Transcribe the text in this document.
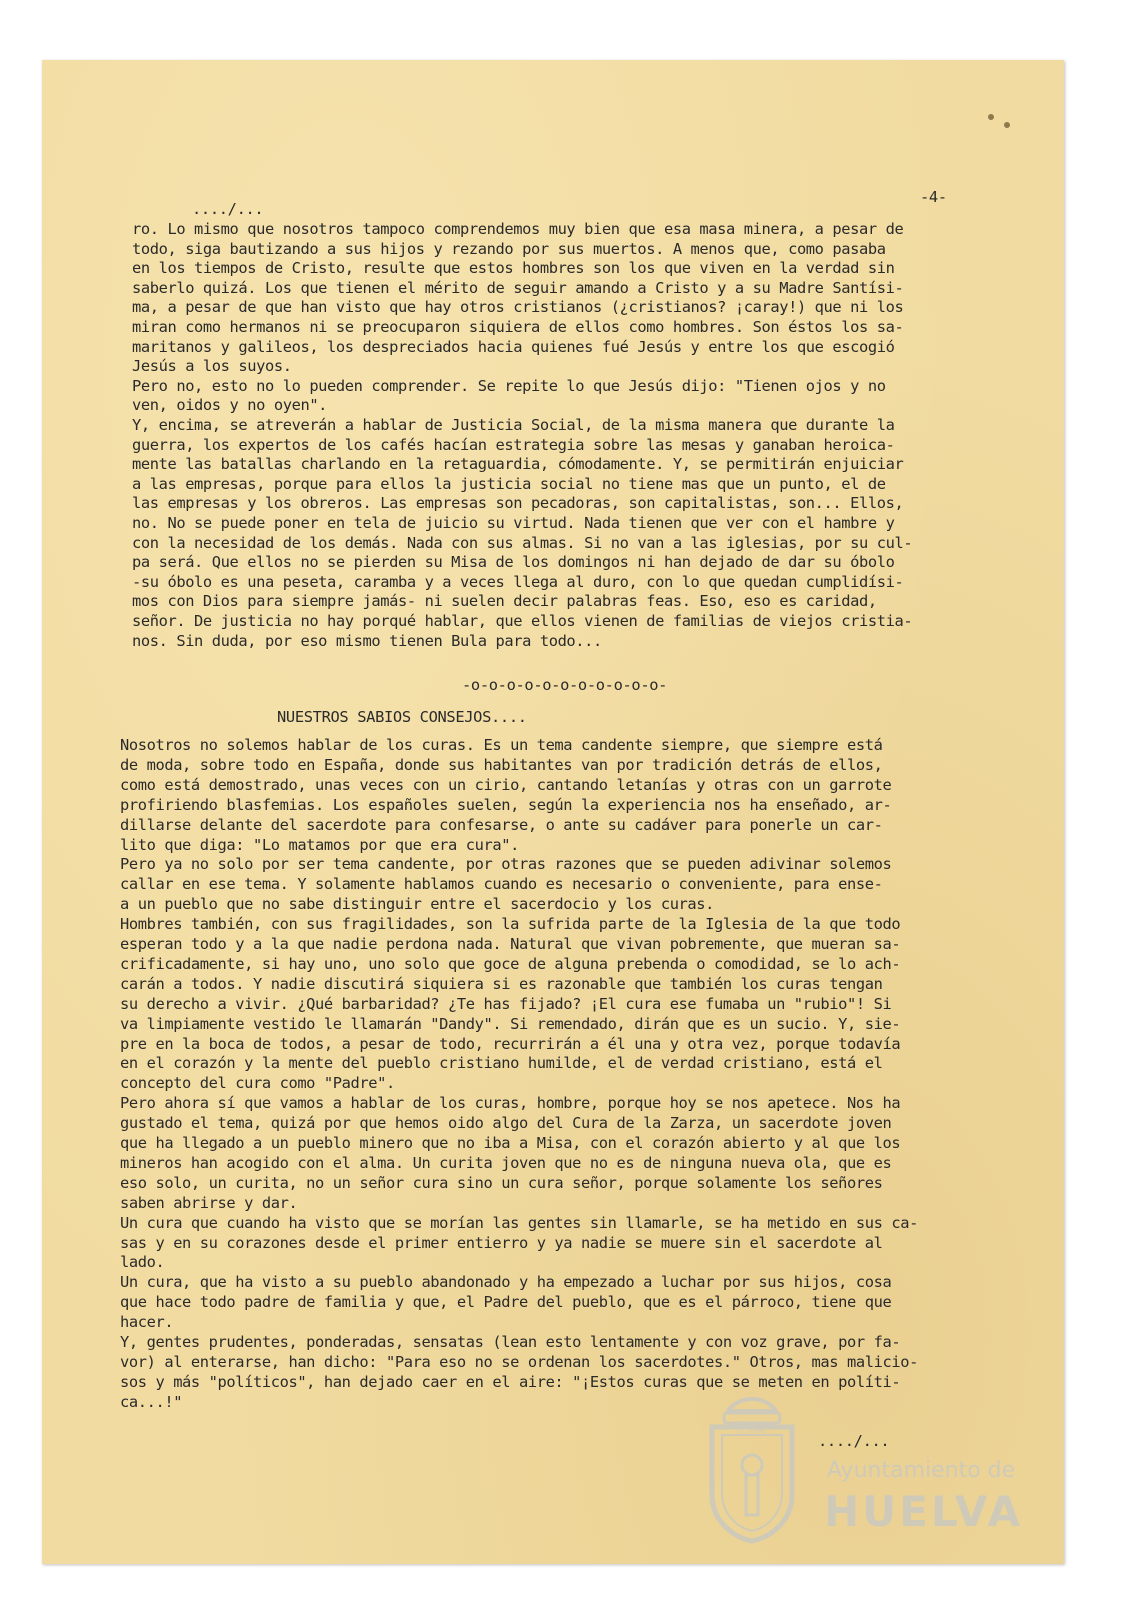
..../...
-4-
ro. Lo mismo que nosotros tampoco comprendemos muy bien que esa masa minera, a pesar de
todo, siga bautizando a sus hijos y rezando por sus muertos. A menos que, como pasaba
en los tiempos de Cristo, resulte que estos hombres son los que viven en la verdad sin
saberlo quizá. Los que tienen el mérito de seguir amando a Cristo y a su Madre Santísi-
ma, a pesar de que han visto que hay otros cristianos (¿cristianos? ¡caray!) que ni los
miran como hermanos ni se preocuparon siquiera de ellos como hombres. Son éstos los sa-
maritanos y galileos, los despreciados hacia quienes fué Jesús y entre los que escogió
Jesús a los suyos.
Pero no, esto no lo pueden comprender. Se repite lo que Jesús dijo: "Tienen ojos y no
ven, oidos y no oyen".
Y, encima, se atreverán a hablar de Justicia Social, de la misma manera que durante la
guerra, los expertos de los cafés hacían estrategia sobre las mesas y ganaban heroica-
mente las batallas charlando en la retaguardia, cómodamente. Y, se permitirán enjuiciar
a las empresas, porque para ellos la justicia social no tiene mas que un punto, el de
las empresas y los obreros. Las empresas son pecadoras, son capitalistas, son... Ellos,
no. No se puede poner en tela de juicio su virtud. Nada tienen que ver con el hambre y
con la necesidad de los demás. Nada con sus almas. Si no van a las iglesias, por su cul-
pa será. Que ellos no se pierden su Misa de los domingos ni han dejado de dar su óbolo
-su óbolo es una peseta, caramba y a veces llega al duro, con lo que quedan cumplidísi-
mos con Dios para siempre jamás- ni suelen decir palabras feas. Eso, eso es caridad,
señor. De justicia no hay porqué hablar, que ellos vienen de familias de viejos cristia-
nos. Sin duda, por eso mismo tienen Bula para todo...
-o-o-o-o-o-o-o-o-o-o-o-
NUESTROS SABIOS CONSEJOS....
Nosotros no solemos hablar de los curas. Es un tema candente siempre, que siempre está
de moda, sobre todo en España, donde sus habitantes van por tradición detrás de ellos,
como está demostrado, unas veces con un cirio, cantando letanías y otras con un garrote
profiriendo blasfemias. Los españoles suelen, según la experiencia nos ha enseñado, ar-
dillarse delante del sacerdote para confesarse, o ante su cadáver para ponerle un car-
lito que diga: "Lo matamos por que era cura".
Pero ya no solo por ser tema candente, por otras razones que se pueden adivinar solemos
callar en ese tema. Y solamente hablamos cuando es necesario o conveniente, para ense-
a un pueblo que no sabe distinguir entre el sacerdocio y los curas.
Hombres también, con sus fragilidades, son la sufrida parte de la Iglesia de la que todo
esperan todo y a la que nadie perdona nada. Natural que vivan pobremente, que mueran sa-
crificadamente, si hay uno, uno solo que goce de alguna prebenda o comodidad, se lo ach-
carán a todos. Y nadie discutirá siquiera si es razonable que también los curas tengan
su derecho a vivir. ¿Qué barbaridad? ¿Te has fijado? ¡El cura ese fumaba un "rubio"! Si
va limpiamente vestido le llamarán "Dandy". Si remendado, dirán que es un sucio. Y, sie-
pre en la boca de todos, a pesar de todo, recurrirán a él una y otra vez, porque todavía
en el corazón y la mente del pueblo cristiano humilde, el de verdad cristiano, está el
concepto del cura como "Padre".
Pero ahora sí que vamos a hablar de los curas, hombre, porque hoy se nos apetece. Nos ha
gustado el tema, quizá por que hemos oido algo del Cura de la Zarza, un sacerdote joven
que ha llegado a un pueblo minero que no iba a Misa, con el corazón abierto y al que los
mineros han acogido con el alma. Un curita joven que no es de ninguna nueva ola, que es
eso solo, un curita, no un señor cura sino un cura señor, porque solamente los señores
saben abrirse y dar.
Un cura que cuando ha visto que se morían las gentes sin llamarle, se ha metido en sus ca-
sas y en su corazones desde el primer entierro y ya nadie se muere sin el sacerdote al
lado.
Un cura, que ha visto a su pueblo abandonado y ha empezado a luchar por sus hijos, cosa
que hace todo padre de familia y que, el Padre del pueblo, que es el párroco, tiene que
hacer.
Y, gentes prudentes, ponderadas, sensatas (lean esto lentamente y con voz grave, por fa-
vor) al enterarse, han dicho: "Para eso no se ordenan los sacerdotes." Otros, mas malicio-
sos y más "políticos", han dejado caer en el aire: "¡Estos curas que se meten en políti-
ca...!"
..../...
ST TERRE
Ayuntamiento de
HUELVA
